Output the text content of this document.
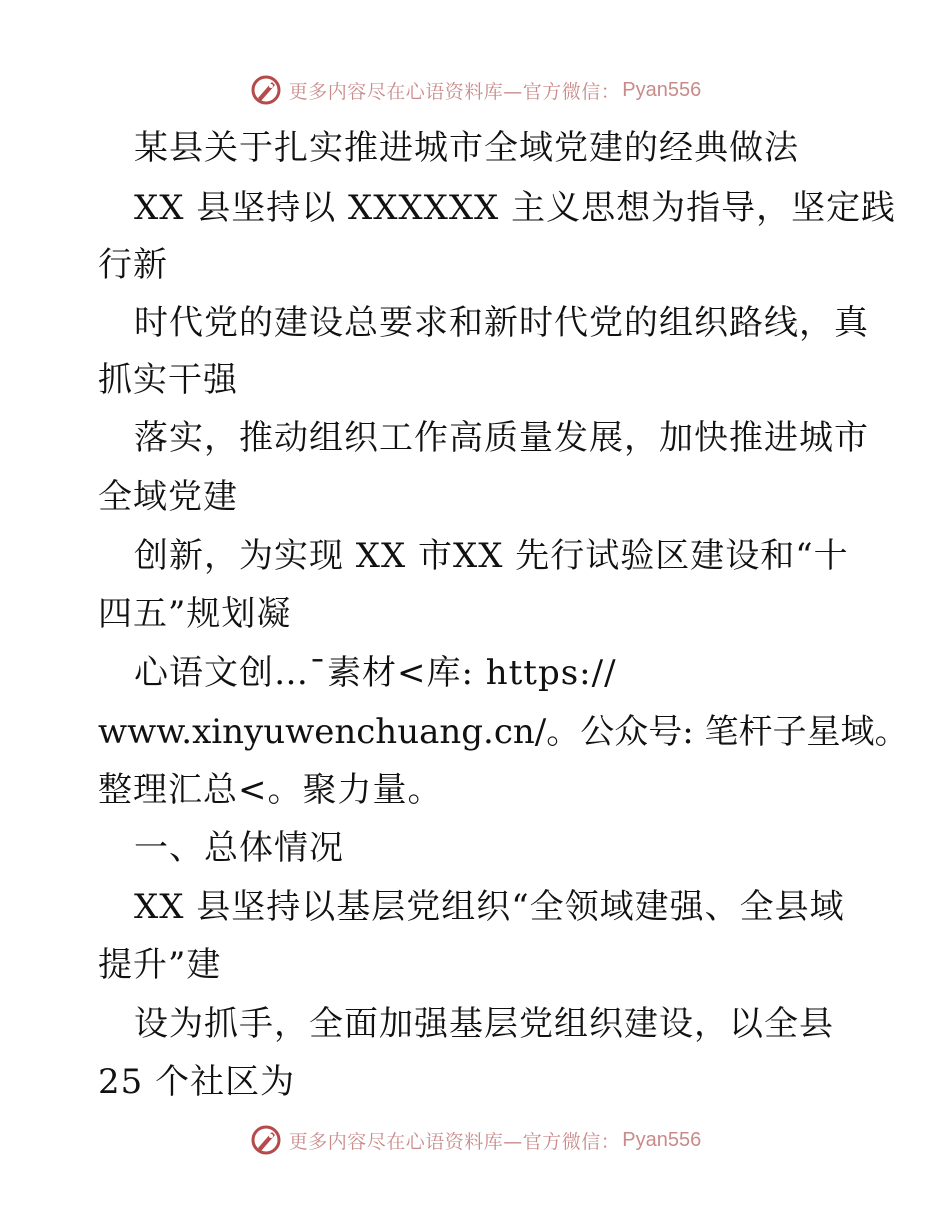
更多内容尽在心语资料库—官方微信： Pyan556
某县关于扎实推进城市全域党建的经典做法
XX 县坚持以 XXXXXX 主义思想为指导，坚定践
行新
时代党的建设总要求和新时代党的组织路线，真
抓实干强
落实，推动组织工作高质量发展，加快推进城市
全域党建
创新，为实现 XX 市XX 先行试验区建设和“十
四五”规划凝
心语文创…¯素材<库: https://
www.xinyuwenchuang.cn/。公众号: 笔杆子星域。
整理汇总<。聚力量。
一、总体情况
XX 县坚持以基层党组织“全领域建强、全县域
提升”建
设为抓手，全面加强基层党组织建设，以全县
25 个社区为
更多内容尽在心语资料库—官方微信： Pyan556
